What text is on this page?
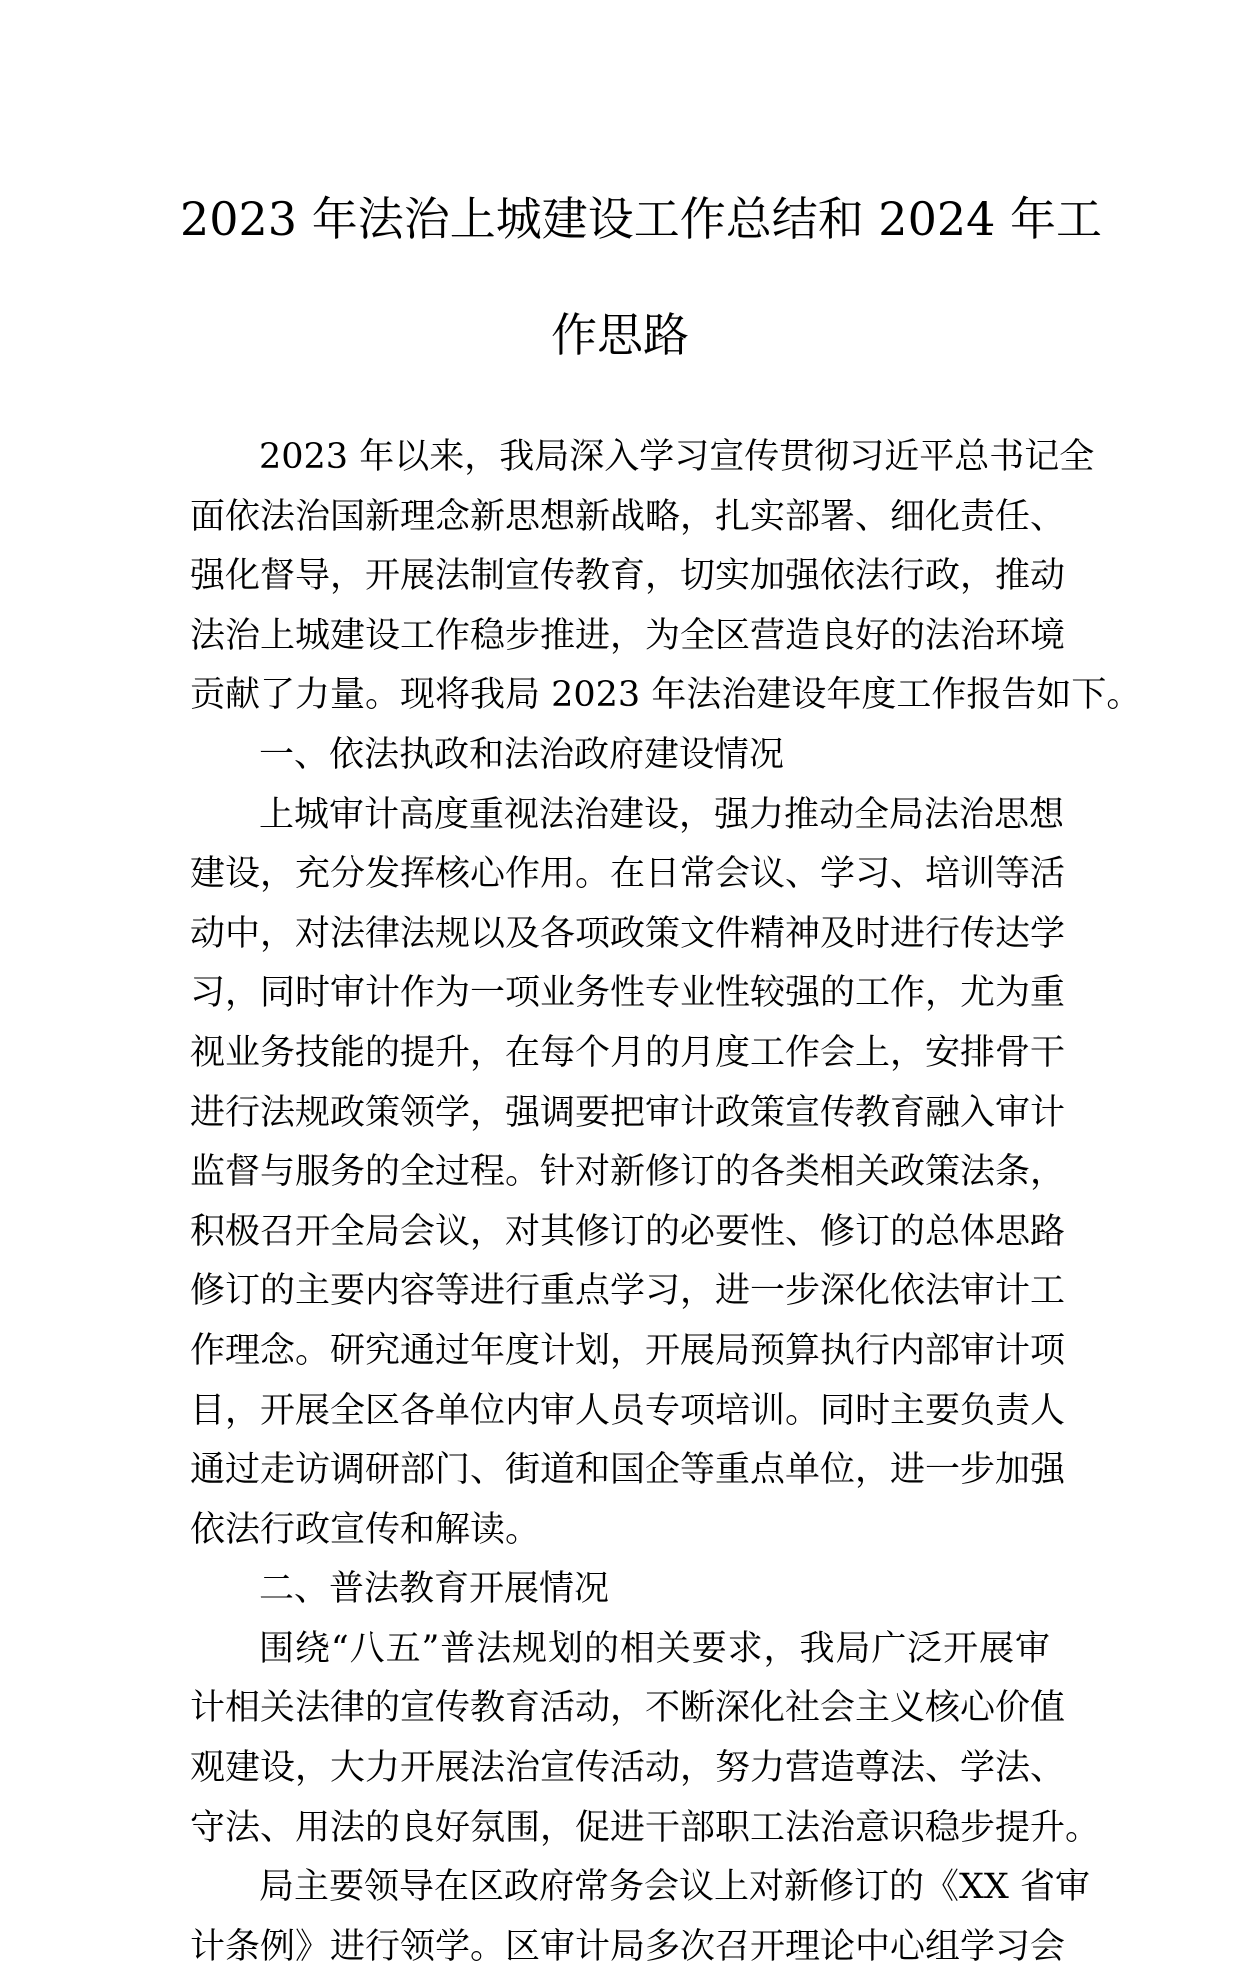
2023 年法治上城建设工作总结和 2024 年工
作思路
2023 年以来，我局深入学习宣传贯彻习近平总书记全
面依法治国新理念新思想新战略，扎实部署、细化责任、
强化督导，开展法制宣传教育，切实加强依法行政，推动
法治上城建设工作稳步推进，为全区营造良好的法治环境
贡献了力量。现将我局 2023 年法治建设年度工作报告如下。
一、依法执政和法治政府建设情况
上城审计高度重视法治建设，强力推动全局法治思想
建设，充分发挥核心作用。在日常会议、学习、培训等活
动中，对法律法规以及各项政策文件精神及时进行传达学
习，同时审计作为一项业务性专业性较强的工作，尤为重
视业务技能的提升，在每个月的月度工作会上，安排骨干
进行法规政策领学，强调要把审计政策宣传教育融入审计
监督与服务的全过程。针对新修订的各类相关政策法条，
积极召开全局会议，对其修订的必要性、修订的总体思路
修订的主要内容等进行重点学习，进一步深化依法审计工
作理念。研究通过年度计划，开展局预算执行内部审计项
目，开展全区各单位内审人员专项培训。同时主要负责人
通过走访调研部门、街道和国企等重点单位，进一步加强
依法行政宣传和解读。
二、普法教育开展情况
围绕“八五”普法规划的相关要求，我局广泛开展审
计相关法律的宣传教育活动，不断深化社会主义核心价值
观建设，大力开展法治宣传活动，努力营造尊法、学法、
守法、用法的良好氛围，促进干部职工法治意识稳步提升。
局主要领导在区政府常务会议上对新修订的《XX 省审
计条例》进行领学。区审计局多次召开理论中心组学习会
